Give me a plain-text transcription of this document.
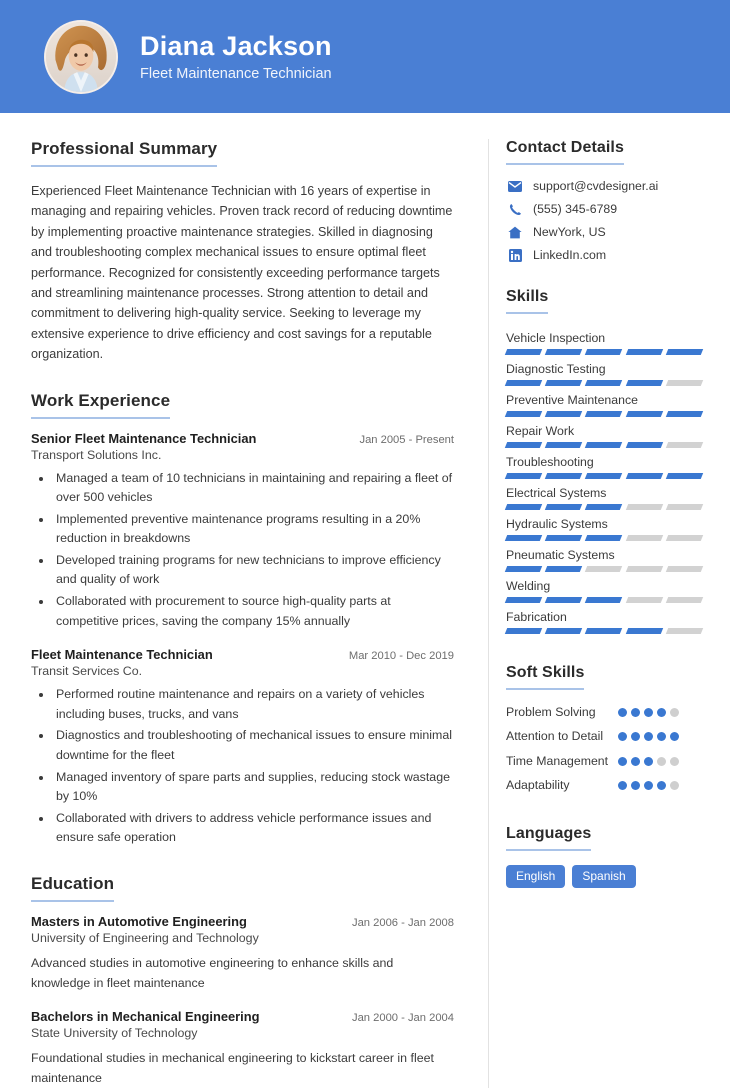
Diana Jackson
Fleet Maintenance Technician
Professional Summary

Experienced Fleet Maintenance Technician with 16 years of expertise in managing and repairing vehicles. Proven track record of reducing downtime by implementing proactive maintenance strategies. Skilled in diagnosing and troubleshooting complex mechanical issues to ensure optimal fleet performance. Recognized for consistently exceeding performance targets and streamlining maintenance processes. Strong attention to detail and commitment to delivering high-quality service. Seeking to leverage my extensive experience to drive efficiency and cost savings for a reputable organization.

Work Experience
Senior Fleet Maintenance Technician	Jan 2005 - Present
Transport Solutions Inc.
• Managed a team of 10 technicians in maintaining and repairing a fleet of over 500 vehicles
• Implemented preventive maintenance programs resulting in a 20% reduction in breakdowns
• Developed training programs for new technicians to improve efficiency and quality of work
• Collaborated with procurement to source high-quality parts at competitive prices, saving the company 15% annually
Fleet Maintenance Technician	Mar 2010 - Dec 2019
Transit Services Co.
• Performed routine maintenance and repairs on a variety of vehicles including buses, trucks, and vans
• Diagnostics and troubleshooting of mechanical issues to ensure minimal downtime for the fleet
• Managed inventory of spare parts and supplies, reducing stock wastage by 10%
• Collaborated with drivers to address vehicle performance issues and ensure safe operation
Education
Masters in Automotive Engineering	Jan 2006 - Jan 2008
University of Engineering and Technology
Advanced studies in automotive engineering to enhance skills and knowledge in fleet maintenance
Bachelors in Mechanical Engineering	Jan 2000 - Jan 2004
State University of Technology
Foundational studies in mechanical engineering to kickstart career in fleet maintenance
Contact Details
support@cvdesigner.ai
(555) 345-6789
NewYork, US
LinkedIn.com
Skills
Vehicle Inspection
Diagnostic Testing
Preventive Maintenance
Repair Work
Troubleshooting
Electrical Systems
Hydraulic Systems
Pneumatic Systems
Welding
Fabrication
Soft Skills
Problem Solving
Attention to Detail
Time Management
Adaptability
Languages
English	Spanish
